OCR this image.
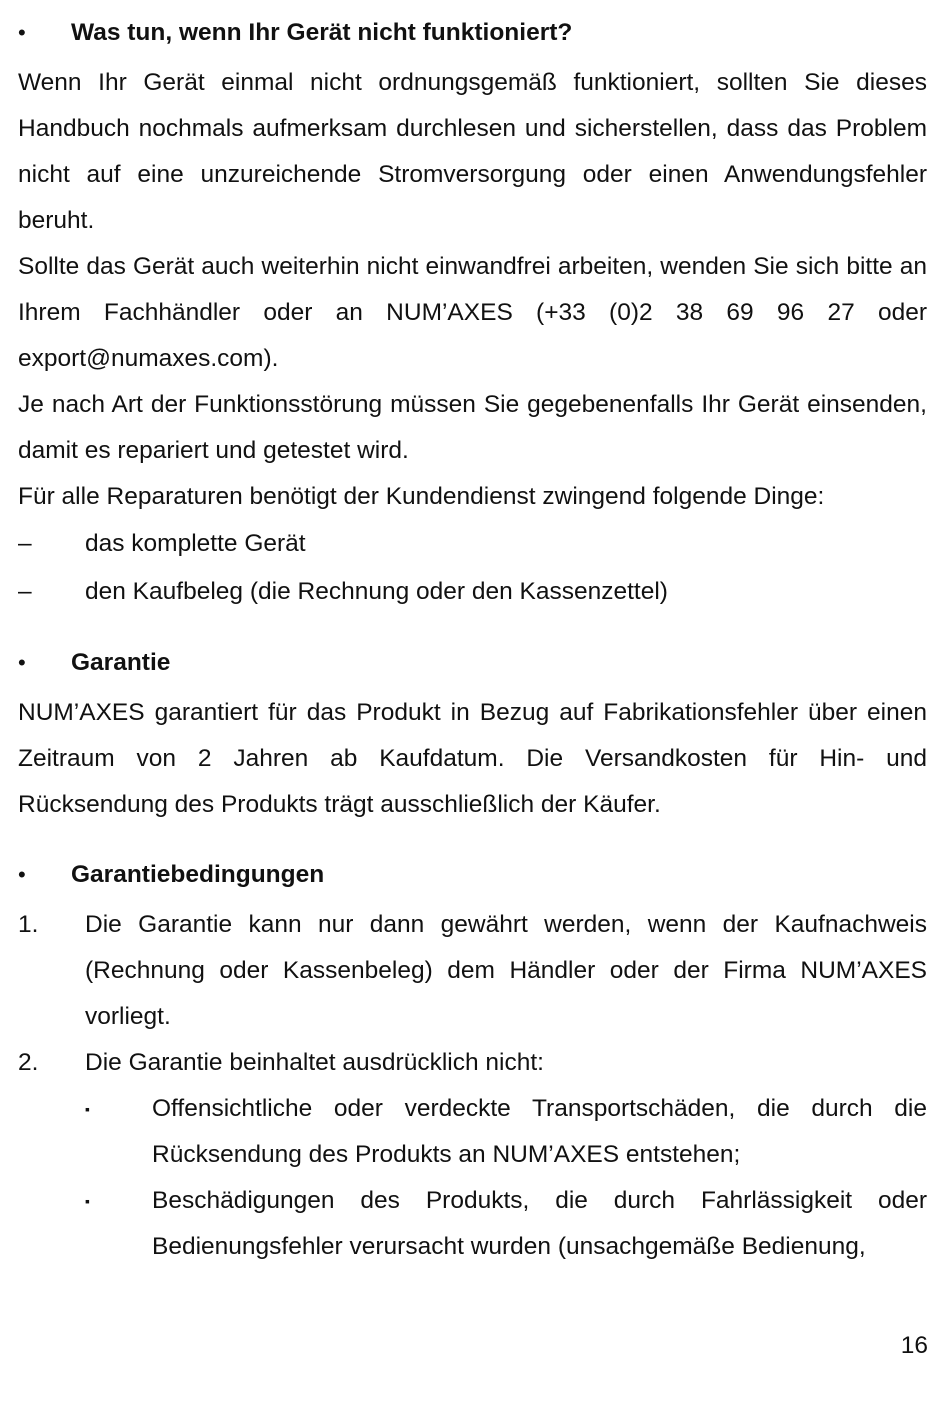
•	Was tun, wenn Ihr Gerät nicht funktioniert?

Wenn Ihr Gerät einmal nicht ordnungsgemäß funktioniert, sollten Sie dieses Handbuch nochmals aufmerksam durchlesen und sicherstellen, dass das Problem nicht auf eine unzureichende Stromversorgung oder einen Anwendungsfehler beruht.

Sollte das Gerät auch weiterhin nicht einwandfrei arbeiten, wenden Sie sich bitte an Ihrem Fachhändler oder an NUM’AXES (+33 (0)2 38 69 96 27 oder export@numaxes.com).

Je nach Art der Funktionsstörung müssen Sie gegebenenfalls Ihr Gerät einsenden, damit es repariert und getestet wird.

Für alle Reparaturen benötigt der Kundendienst zwingend folgende Dinge:

–	das komplette Gerät
–	den Kaufbeleg (die Rechnung oder den Kassenzettel)
•	Garantie

NUM’AXES garantiert für das Produkt in Bezug auf Fabrikationsfehler über einen Zeitraum von 2 Jahren ab Kaufdatum. Die Versandkosten für Hin- und Rücksendung des Produkts trägt ausschließlich der Käufer.

•	Garantiebedingungen
1.	Die Garantie kann nur dann gewährt werden, wenn der Kaufnachweis (Rechnung oder Kassenbeleg) dem Händler oder der Firma NUM’AXES vorliegt.
2.	Die Garantie beinhaltet ausdrücklich nicht:
▪	Offensichtliche oder verdeckte Transportschäden, die durch die Rücksendung des Produkts an NUM’AXES entstehen;
▪	Beschädigungen des Produkts, die durch Fahrlässigkeit oder Bedienungsfehler verursacht wurden (unsachgemäße Bedienung,
16
